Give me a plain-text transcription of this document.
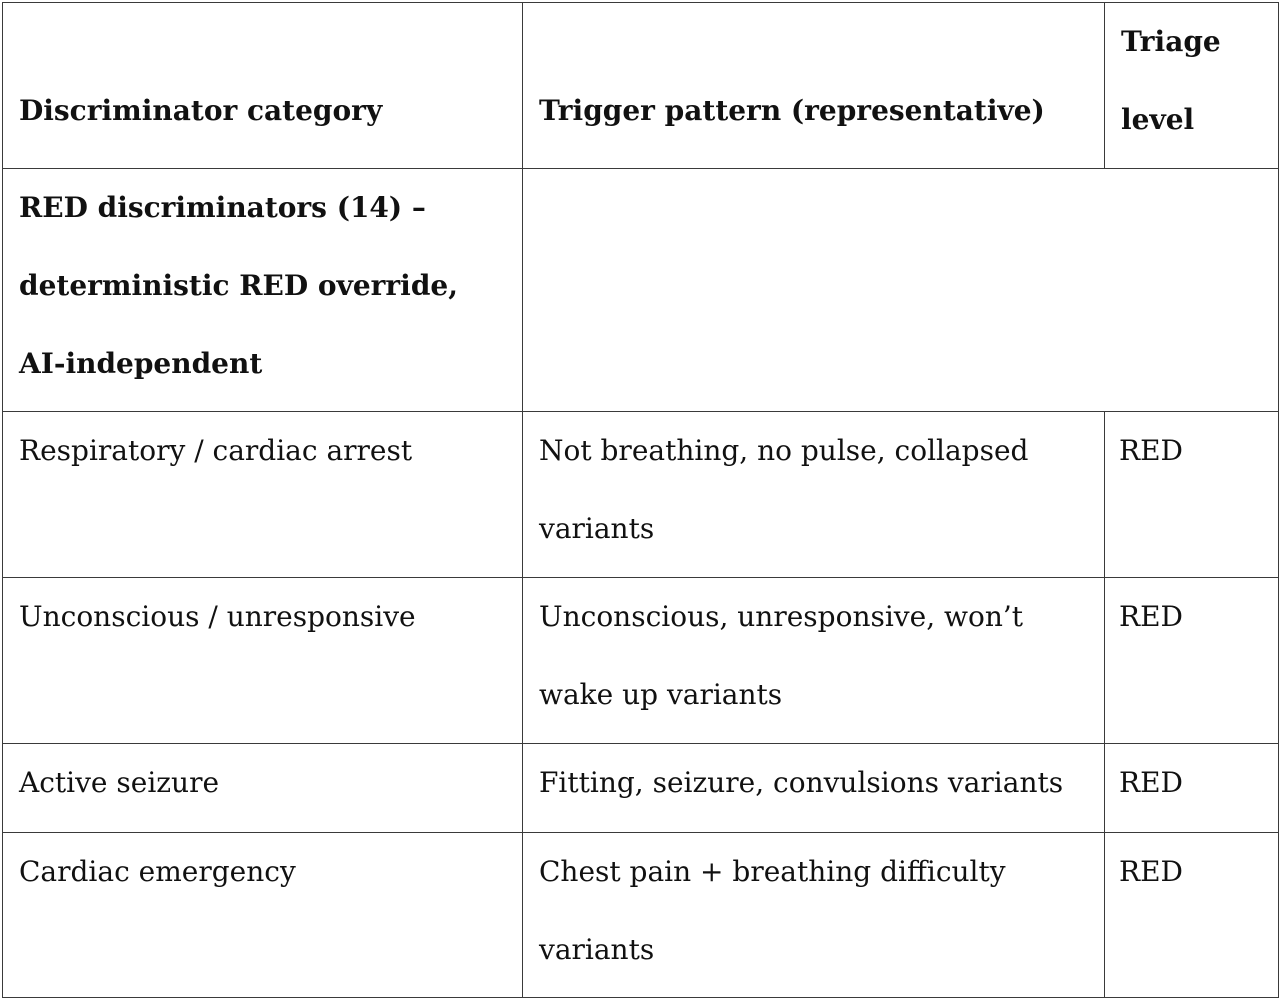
Discriminator category	Trigger pattern (representative)	Triage level

RED discriminators (14) – deterministic RED override, AI-independent		

Respiratory / cardiac arrest	Not breathing, no pulse, collapsed variants	RED
Unconscious / unresponsive	Unconscious, unresponsive, won’t wake up variants	RED
Active seizure	Fitting, seizure, convulsions variants	RED
Cardiac emergency	Chest pain + breathing difficulty variants	RED
